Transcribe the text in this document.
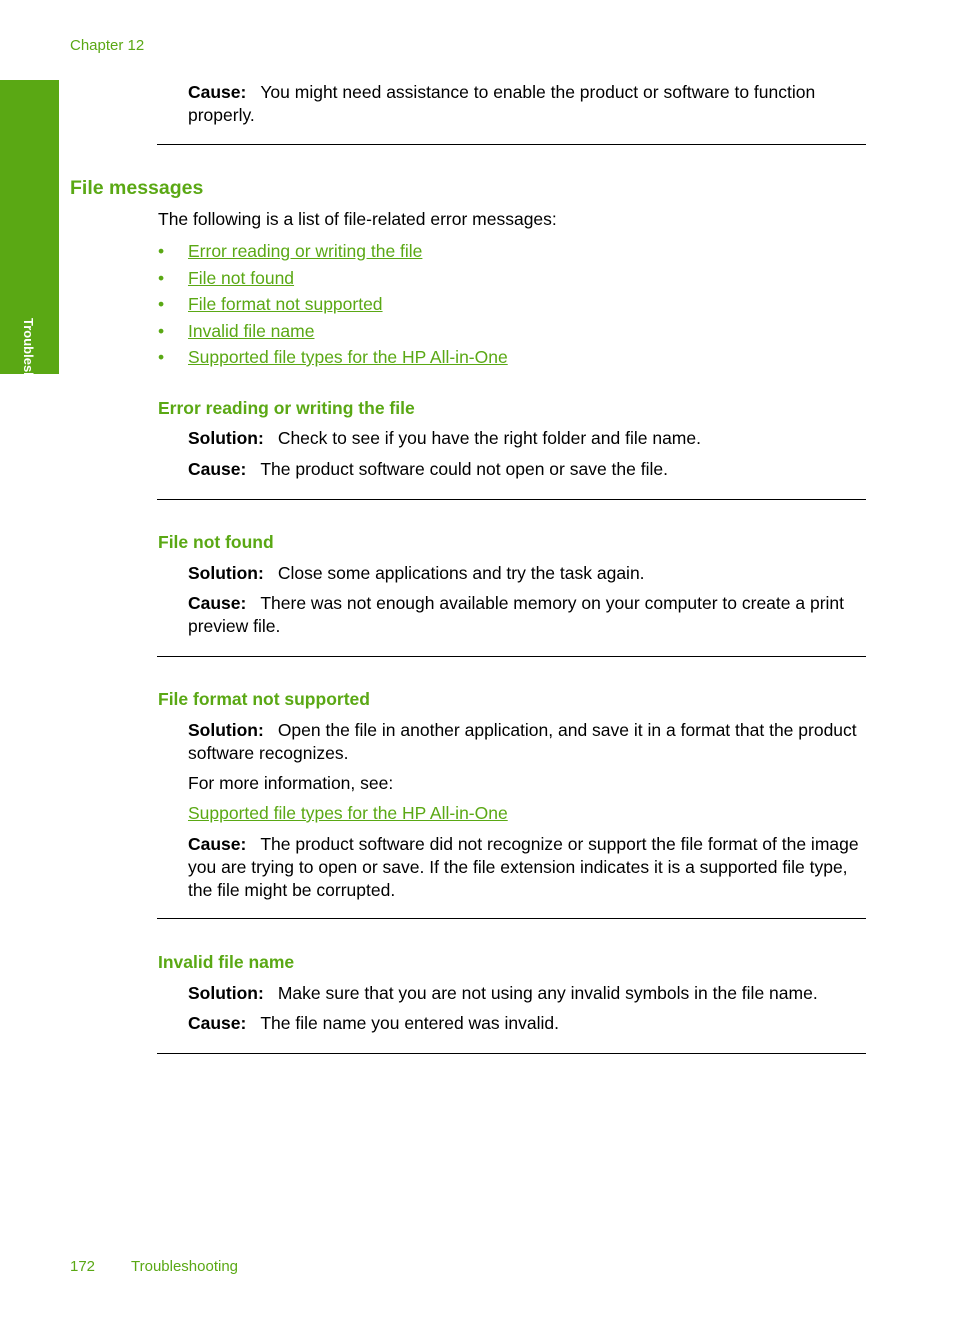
Chapter 12
Troubleshooting
Cause: You might need assistance to enable the product or software to function properly.
File messages
The following is a list of file-related error messages:
• Error reading or writing the file
• File not found
• File format not supported
• Invalid file name
• Supported file types for the HP All-in-One
Error reading or writing the file
Solution: Check to see if you have the right folder and file name.
Cause: The product software could not open or save the file.
File not found
Solution: Close some applications and try the task again.
Cause: There was not enough available memory on your computer to create a print preview file.
File format not supported
Solution: Open the file in another application, and save it in a format that the product software recognizes.
For more information, see:
Supported file types for the HP All-in-One
Cause: The product software did not recognize or support the file format of the image you are trying to open or save. If the file extension indicates it is a supported file type, the file might be corrupted.
Invalid file name
Solution: Make sure that you are not using any invalid symbols in the file name.
Cause: The file name you entered was invalid.
172 Troubleshooting
